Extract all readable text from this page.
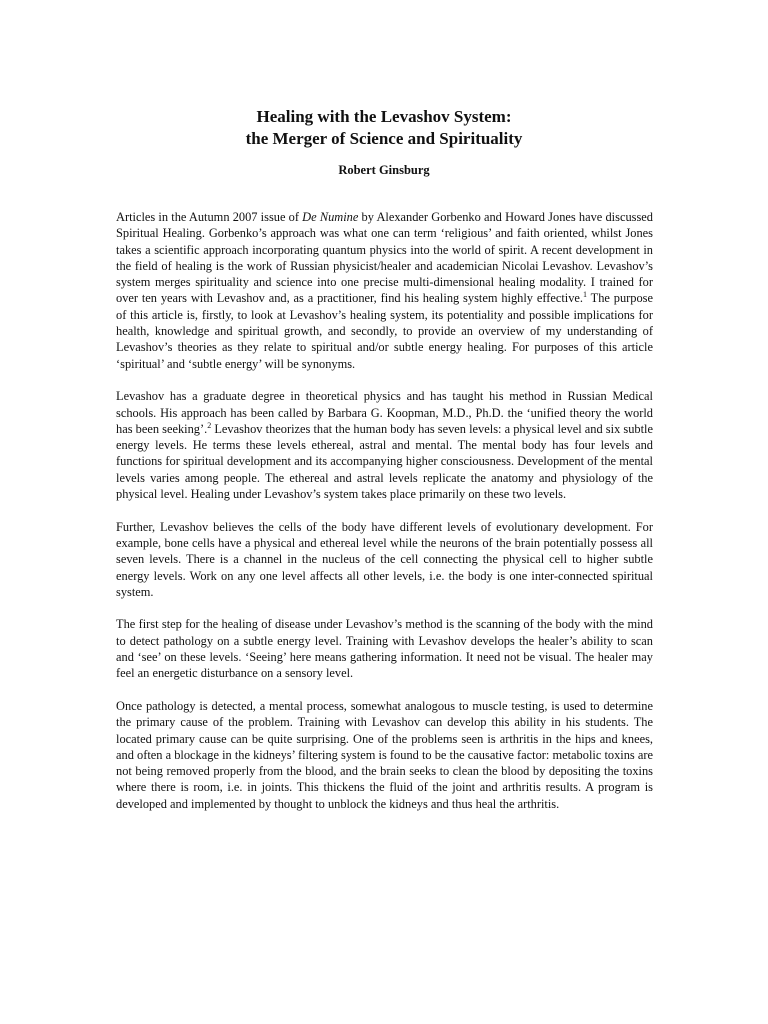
Healing with the Levashov System:
the Merger of Science and Spirituality
Robert Ginsburg

Articles in the Autumn 2007 issue of De Numine by Alexander Gorbenko and Howard Jones have discussed Spiritual Healing. Gorbenko’s approach was what one can term ‘religious’ and faith oriented, whilst Jones takes a scientific approach incorporating quantum physics into the world of spirit. A recent development in the field of healing is the work of Russian physicist/healer and academician Nicolai Levashov. Levashov’s system merges spirituality and science into one precise multi-dimensional healing modality. I trained for over ten years with Levashov and, as a practitioner, find his healing system highly effective.$^1$ The purpose of this article is, firstly, to look at Levashov’s healing system, its potentiality and possible implications for health, knowledge and spiritual growth, and secondly, to provide an overview of my understanding of Levashov’s theories as they relate to spiritual and/or subtle energy healing. For purposes of this article ‘spiritual’ and ‘subtle energy’ will be synonyms.

Levashov has a graduate degree in theoretical physics and has taught his method in Russian Medical schools. His approach has been called by Barbara G. Koopman, M.D., Ph.D. the ‘unified theory the world has been seeking’.$^2$ Levashov theorizes that the human body has seven levels: a physical level and six subtle energy levels. He terms these levels ethereal, astral and mental. The mental body has four levels and functions for spiritual development and its accompanying higher consciousness. Development of the mental levels varies among people. The ethereal and astral levels replicate the anatomy and physiology of the physical level. Healing under Levashov’s system takes place primarily on these two levels.

Further, Levashov believes the cells of the body have different levels of evolutionary development. For example, bone cells have a physical and ethereal level while the neurons of the brain potentially possess all seven levels. There is a channel in the nucleus of the cell connecting the physical cell to higher subtle energy levels. Work on any one level affects all other levels, i.e. the body is one inter-connected spiritual system.

The first step for the healing of disease under Levashov’s method is the scanning of the body with the mind to detect pathology on a subtle energy level. Training with Levashov develops the healer’s ability to scan and ‘see’ on these levels. ‘Seeing’ here means gathering information. It need not be visual. The healer may feel an energetic disturbance on a sensory level.

Once pathology is detected, a mental process, somewhat analogous to muscle testing, is used to determine the primary cause of the problem. Training with Levashov can develop this ability in his students. The located primary cause can be quite surprising. One of the problems seen is arthritis in the hips and knees, and often a blockage in the kidneys’ filtering system is found to be the causative factor: metabolic toxins are not being removed properly from the blood, and the brain seeks to clean the blood by depositing the toxins where there is room, i.e. in joints. This thickens the fluid of the joint and arthritis results. A program is developed and implemented by thought to unblock the kidneys and thus heal the arthritis.
